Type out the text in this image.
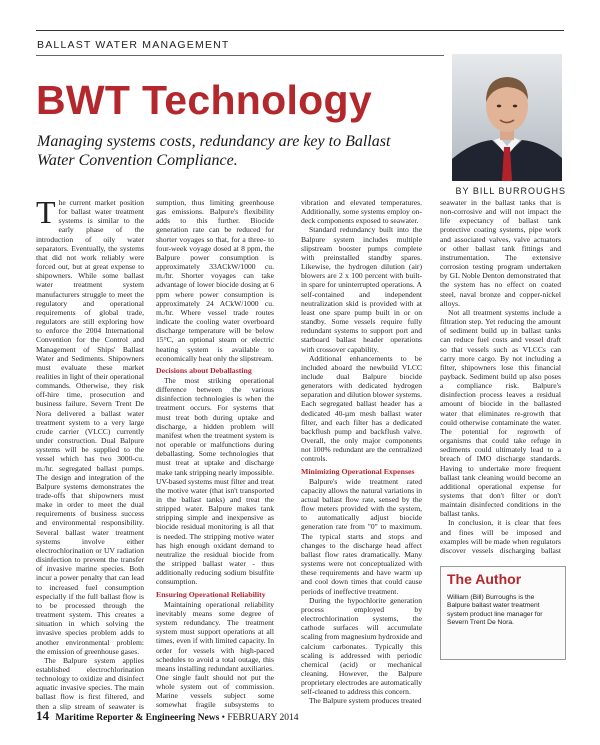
BALLAST WATER MANAGEMENT
BWT Technology
Managing systems costs, redundancy are key to Ballast Water Convention Compliance.
BY BILL BURROUGHS
T he current market position for ballast water treatment systems is similar to the early phase of the introduction of oily water separators. Eventually, the systems that did not work reliably were forced out, but at great expense to shipowners. While some ballast water treatment system manufacturers struggle to meet the regulatory and operational requirements of global trade, regulators are still exploring how to enforce the 2004 International Convention for the Control and Management of Ships' Ballast Water and Sediments. Shipowners must evaluate these market realities in light of their operational commands. Otherwise, they risk off-hire time, prosecution and business failure. Severn Trent De Nora delivered a ballast water treatment system to a very large crude carrier (VLCC) currently under construction. Dual Balpure systems will be supplied to the vessel which has two 3000-cu. m./hr. segregated ballast pumps. The design and integration of the Balpure systems demonstrates the trade-offs that shipowners must make in order to meet the dual requirements of business success and environmental responsibility. Several ballast water treatment systems involve either electrochlorination or UV radiation disinfection to prevent the transfer of invasive marine species. Both incur a power penalty that can lead to increased fuel consumption especially if the full ballast flow is to be processed through the treatment system. This creates a situation in which solving the invasive species problem adds to another environmental problem: the emission of greenhouse gases.

The Balpure system applies established electrochlorination technology to oxidize and disinfect aquatic invasive species. The main ballast flow is first filtered, and then a slip stream of seawater is

sumption, thus limiting greenhouse gas emissions. Balpure's flexibility adds to this further. Biocide generation rate can be reduced for shorter voyages so that, for a three- to four-week voyage dosed at 8 ppm, the Balpure power consumption is approximately 33ACkW/1000 cu. m./hr. Shorter voyages can take advantage of lower biocide dosing at 6 ppm where power consumption is approximately 24 ACkW/1000 cu. m./hr. Where vessel trade routes indicate the cooling water overboard discharge temperature will be below 15°C, an optional steam or electric heating system is available to economically heat only the slipstream.

Decisions about Deballasting

The most striking operational difference between the various disinfection technologies is when the treatment occurs. For systems that must treat both during uptake and discharge, a hidden problem will manifest when the treatment system is not operable or malfunctions during deballasting. Some technologies that must treat at uptake and discharge make tank stripping nearly impossible. UV-based systems must filter and treat the motive water (that isn't transported in the ballast tanks) and treat the stripped water. Balpure makes tank stripping simple and inexpensive as biocide residual monitoring is all that is needed. The stripping motive water has high enough oxidant demand to neutralize the residual biocide from the stripped ballast water - thus additionally reducing sodium bisulfite consumption.

Ensuring Operational Reliability

Maintaining operational reliability inevitably means some degree of system redundancy. The treatment system must support operations at all times, even if with limited capacity. In order for vessels with high-paced schedules to avoid a total outage, this means installing redundant auxiliaries. One single fault should not put the whole system out of commission. Marine vessels subject some somewhat fragile subsystems to

vibration and elevated temperatures. Additionally, some systems employ on-deck components exposed to seawater.

Standard redundancy built into the Balpure system includes multiple slipstream booster pumps complete with preinstalled standby spares. Likewise, the hydrogen dilution (air) blowers are 2 x 100 percent with built-in spare for uninterrupted operations. A self-contained and independent neutralization skid is provided with at least one spare pump built in or on standby. Some vessels require fully redundant systems to support port and starboard ballast header operations with crossover capability.

Additional enhancements to be included aboard the newbuild VLCC include dual Balpure biocide generators with dedicated hydrogen separation and dilution blower systems. Each segregated ballast header has a dedicated 40-µm mesh ballast water filter, and each filter has a dedicated backflush pump and backflush valve. Overall, the only major components not 100% redundant are the centralized controls.

Minimizing Operational Expenses

Balpure's wide treatment rated capacity allows the natural variations in actual ballast flow rate, sensed by the flow meters provided with the system, to automatically adjust biocide generation rate from "0" to maximum. The typical starts and stops and changes to the discharge head affect ballast flow rates dramatically. Many systems were not conceptualized with these requirements and have warm up and cool down times that could cause periods of ineffective treatment.

During the hypochlorite generation process employed by electrochlorination systems, the cathode surfaces will accumulate scaling from magnesium hydroxide and calcium carbonates. Typically this scaling is addressed with periodic chemical (acid) or mechanical cleaning. However, the Balpure proprietary electrodes are automatically self-cleaned to address this concern.

The Balpure system produces treated

seawater in the ballast tanks that is non-corrosive and will not impact the life expectancy of ballast tank protective coating systems, pipe work and associated valves, valve actuators or other ballast tank fittings and instrumentation. The extensive corrosion testing program undertaken by GL Noble Denton demonstrated that the system has no effect on coated steel, naval bronze and copper-nickel alloys.

Not all treatment systems include a filtration step. Yet reducing the amount of sediment build up in ballast tanks can reduce fuel costs and vessel draft so that vessels such as VLCCs can carry more cargo. By not including a filter, shipowners lose this financial payback. Sediment build up also poses a compliance risk. Balpure's disinfection process leaves a residual amount of biocide in the ballasted water that eliminates re-growth that could otherwise contaminate the water. The potential for regrowth of organisms that could take refuge in sediments could ultimately lead to a breach of IMO discharge standards. Having to undertake more frequent ballast tank cleaning would become an additional operational expense for systems that don't filter or don't maintain disinfected conditions in the ballast tanks.

In conclusion, it is clear that fees and fines will be imposed and examples will be made when regulators discover vessels discharging ballast

The Author
William (Bill) Burroughs is the Balpure ballast water treatment system product line manager for Severn Trent De Nora.
14 Maritime Reporter & Engineering News • FEBRUARY 2014
